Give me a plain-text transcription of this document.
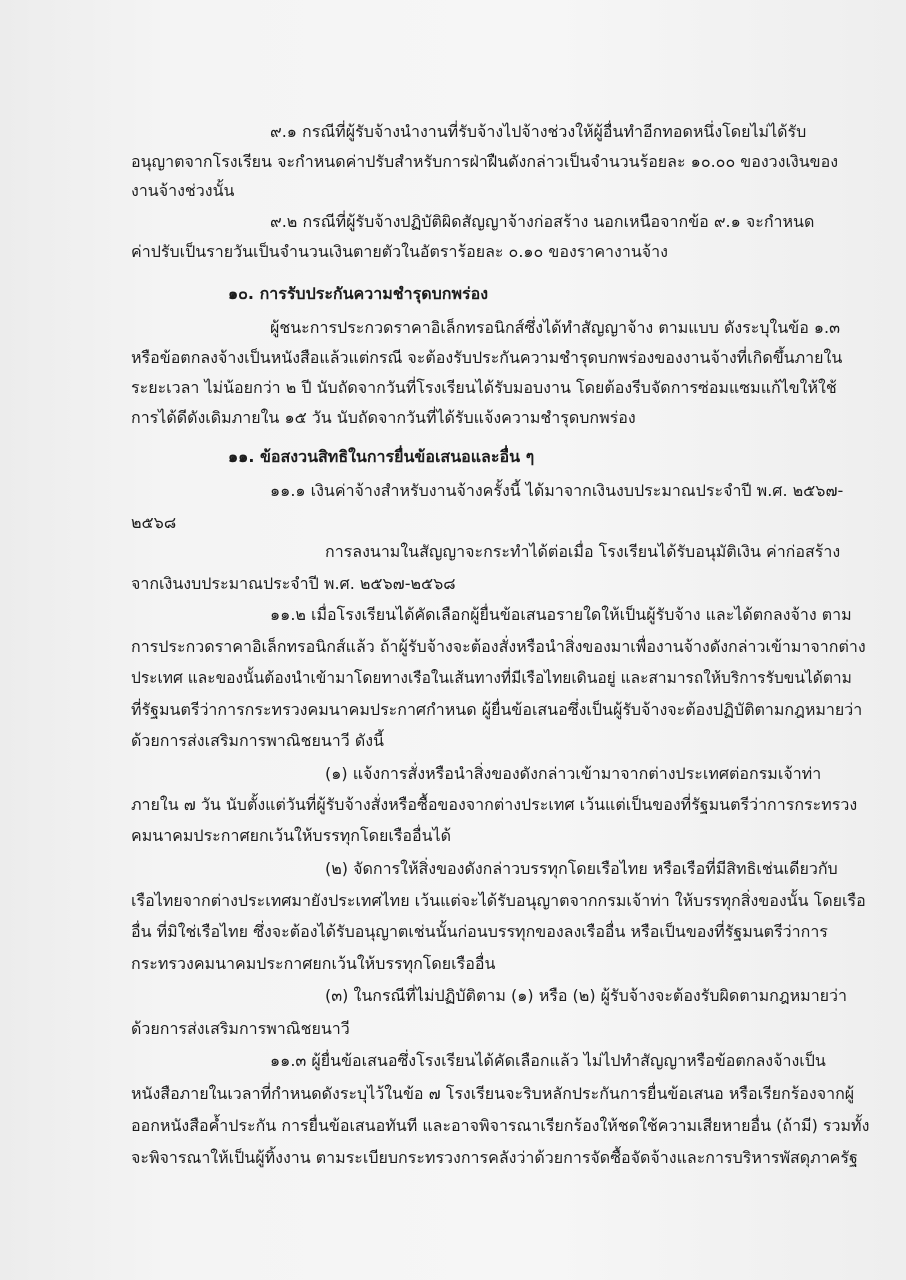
๙.๑ กรณีที่ผู้รับจ้างนำงานที่รับจ้างไปจ้างช่วงให้ผู้อื่นทำอีกทอดหนึ่งโดยไม่ได้รับ
อนุญาตจากโรงเรียน จะกำหนดค่าปรับสำหรับการฝ่าฝืนดังกล่าวเป็นจำนวนร้อยละ ๑๐.๐๐ ของวงเงินของ
งานจ้างช่วงนั้น
๙.๒ กรณีที่ผู้รับจ้างปฏิบัติผิดสัญญาจ้างก่อสร้าง นอกเหนือจากข้อ ๙.๑ จะกำหนด
ค่าปรับเป็นรายวันเป็นจำนวนเงินตายตัวในอัตราร้อยละ ๐.๑๐ ของราคางานจ้าง
๑๐. การรับประกันความชำรุดบกพร่อง
ผู้ชนะการประกวดราคาอิเล็กทรอนิกส์ซึ่งได้ทำสัญญาจ้าง ตามแบบ ดังระบุในข้อ ๑.๓
หรือข้อตกลงจ้างเป็นหนังสือแล้วแต่กรณี จะต้องรับประกันความชำรุดบกพร่องของงานจ้างที่เกิดขึ้นภายใน
ระยะเวลา ไม่น้อยกว่า ๒ ปี นับถัดจากวันที่โรงเรียนได้รับมอบงาน โดยต้องรีบจัดการซ่อมแซมแก้ไขให้ใช้
การได้ดีดังเดิมภายใน ๑๕ วัน นับถัดจากวันที่ได้รับแจ้งความชำรุดบกพร่อง
๑๑. ข้อสงวนสิทธิในการยื่นข้อเสนอและอื่น ๆ
๑๑.๑ เงินค่าจ้างสำหรับงานจ้างครั้งนี้ ได้มาจากเงินงบประมาณประจำปี พ.ศ. ๒๕๖๗-
๒๕๖๘
การลงนามในสัญญาจะกระทำได้ต่อเมื่อ โรงเรียนได้รับอนุมัติเงิน ค่าก่อสร้าง
จากเงินงบประมาณประจำปี พ.ศ. ๒๕๖๗-๒๕๖๘
๑๑.๒ เมื่อโรงเรียนได้คัดเลือกผู้ยื่นข้อเสนอรายใดให้เป็นผู้รับจ้าง และได้ตกลงจ้าง ตาม
การประกวดราคาอิเล็กทรอนิกส์แล้ว ถ้าผู้รับจ้างจะต้องสั่งหรือนำสิ่งของมาเพื่องานจ้างดังกล่าวเข้ามาจากต่าง
ประเทศ และของนั้นต้องนำเข้ามาโดยทางเรือในเส้นทางที่มีเรือไทยเดินอยู่ และสามารถให้บริการรับขนได้ตาม
ที่รัฐมนตรีว่าการกระทรวงคมนาคมประกาศกำหนด ผู้ยื่นข้อเสนอซึ่งเป็นผู้รับจ้างจะต้องปฏิบัติตามกฎหมายว่า
ด้วยการส่งเสริมการพาณิชยนาวี ดังนี้
(๑) แจ้งการสั่งหรือนำสิ่งของดังกล่าวเข้ามาจากต่างประเทศต่อกรมเจ้าท่า
ภายใน ๗ วัน นับตั้งแต่วันที่ผู้รับจ้างสั่งหรือซื้อของจากต่างประเทศ เว้นแต่เป็นของที่รัฐมนตรีว่าการกระทรวง
คมนาคมประกาศยกเว้นให้บรรทุกโดยเรืออื่นได้
(๒) จัดการให้สิ่งของดังกล่าวบรรทุกโดยเรือไทย หรือเรือที่มีสิทธิเช่นเดียวกับ
เรือไทยจากต่างประเทศมายังประเทศไทย เว้นแต่จะได้รับอนุญาตจากกรมเจ้าท่า ให้บรรทุกสิ่งของนั้น โดยเรือ
อื่น ที่มิใช่เรือไทย ซึ่งจะต้องได้รับอนุญาตเช่นนั้นก่อนบรรทุกของลงเรืออื่น หรือเป็นของที่รัฐมนตรีว่าการ
กระทรวงคมนาคมประกาศยกเว้นให้บรรทุกโดยเรืออื่น
(๓) ในกรณีที่ไม่ปฏิบัติตาม (๑) หรือ (๒) ผู้รับจ้างจะต้องรับผิดตามกฎหมายว่า
ด้วยการส่งเสริมการพาณิชยนาวี
๑๑.๓ ผู้ยื่นข้อเสนอซึ่งโรงเรียนได้คัดเลือกแล้ว ไม่ไปทำสัญญาหรือข้อตกลงจ้างเป็น
หนังสือภายในเวลาที่กำหนดดังระบุไว้ในข้อ ๗ โรงเรียนจะริบหลักประกันการยื่นข้อเสนอ หรือเรียกร้องจากผู้
ออกหนังสือค้ำประกัน การยื่นข้อเสนอทันที และอาจพิจารณาเรียกร้องให้ชดใช้ความเสียหายอื่น (ถ้ามี) รวมทั้ง
จะพิจารณาให้เป็นผู้ทิ้งงาน ตามระเบียบกระทรวงการคลังว่าด้วยการจัดซื้อจัดจ้างและการบริหารพัสดุภาครัฐ
